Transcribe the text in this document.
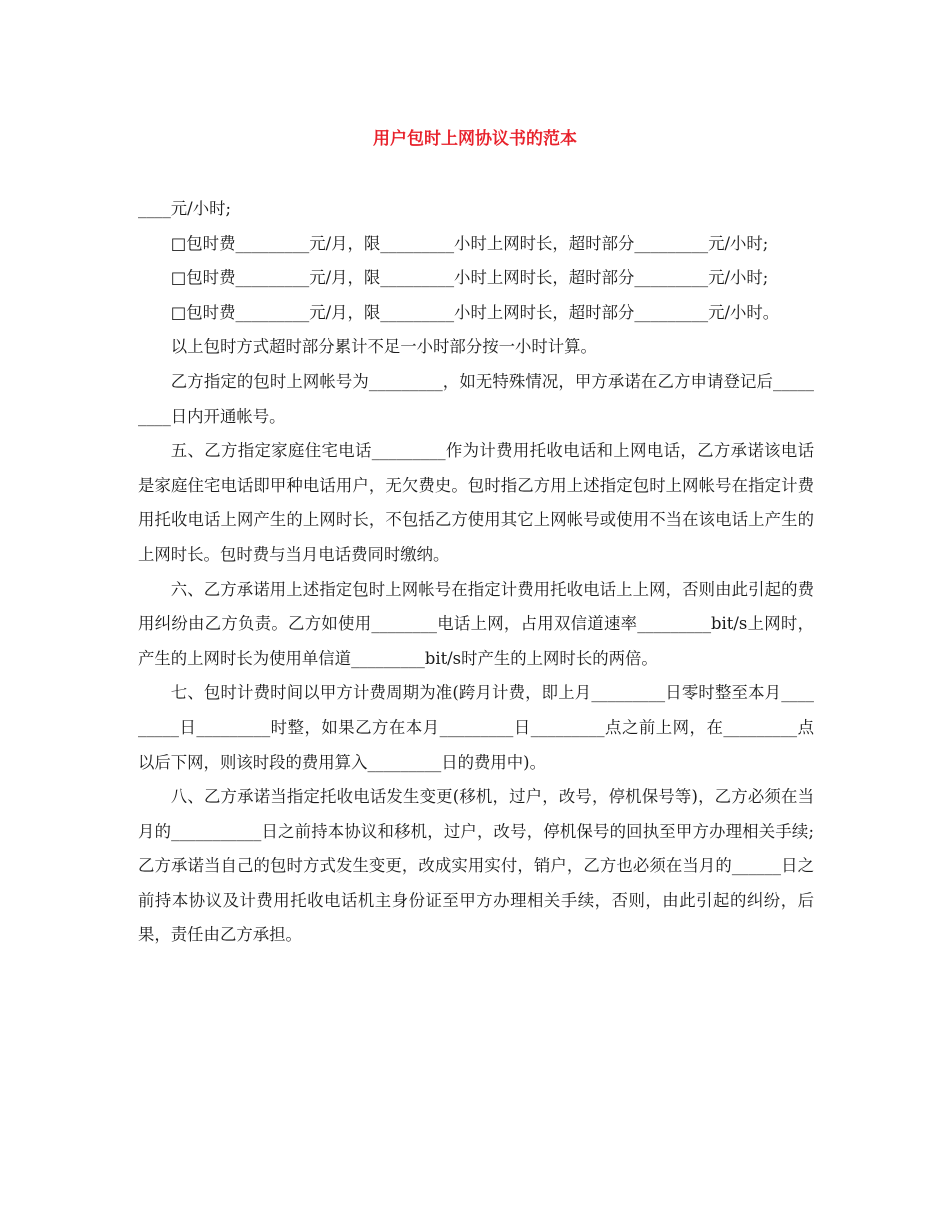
用户包时上网协议书的范本

____元/小时;

□包时费_________元/月，限_________小时上网时长，超时部分_________元/小时;

□包时费_________元/月，限_________小时上网时长，超时部分_________元/小时;

□包时费_________元/月，限_________小时上网时长，超时部分_________元/小时。

以上包时方式超时部分累计不足一小时部分按一小时计算。

乙方指定的包时上网帐号为_________，如无特殊情况，甲方承诺在乙方申请登记后_________日内开通帐号。

五、乙方指定家庭住宅电话_________作为计费用托收电话和上网电话，乙方承诺该电话是家庭住宅电话即甲种电话用户，无欠费史。包时指乙方用上述指定包时上网帐号在指定计费用托收电话上网产生的上网时长，不包括乙方使用其它上网帐号或使用不当在该电话上产生的上网时长。包时费与当月电话费同时缴纳。

六、乙方承诺用上述指定包时上网帐号在指定计费用托收电话上上网，否则由此引起的费用纠纷由乙方负责。乙方如使用________电话上网，占用双信道速率_________bit/s上网时，产生的上网时长为使用单信道_________bit/s时产生的上网时长的两倍。

七、包时计费时间以甲方计费周期为准(跨月计费，即上月_________日零时整至本月_________日_________时整，如果乙方在本月_________日_________点之前上网，在_________点以后下网，则该时段的费用算入_________日的费用中)。

八、乙方承诺当指定托收电话发生变更(移机，过户，改号，停机保号等)，乙方必须在当月的___________日之前持本协议和移机，过户，改号，停机保号的回执至甲方办理相关手续;乙方承诺当自己的包时方式发生变更，改成实用实付，销户，乙方也必须在当月的______日之前持本协议及计费用托收电话机主身份证至甲方办理相关手续，否则，由此引起的纠纷，后果，责任由乙方承担。
